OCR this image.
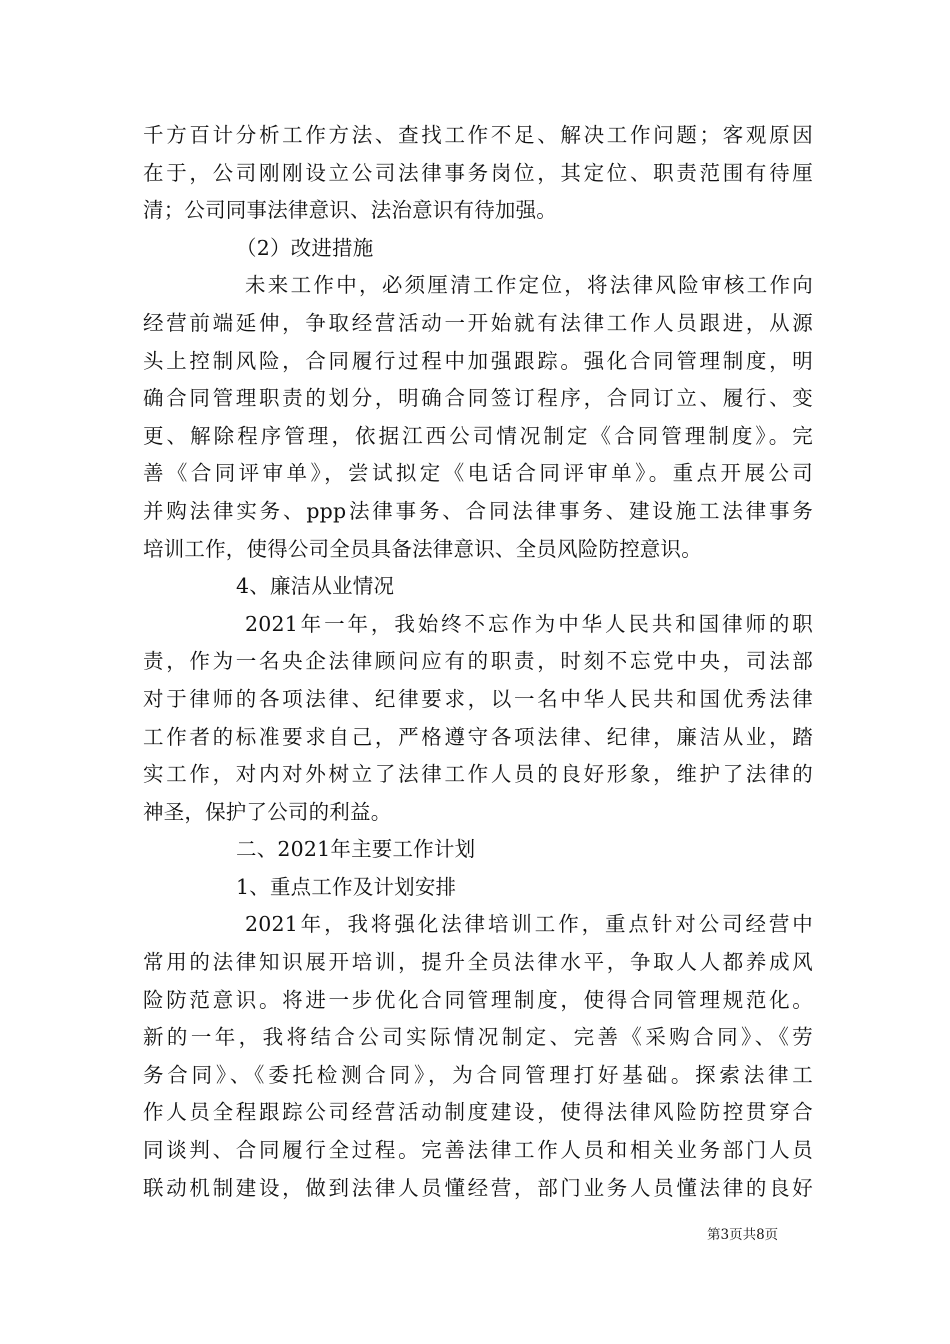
千方百计分析工作方法、查找工作不足、解决工作问题；客观原因
在于，公司刚刚设立公司法律事务岗位，其定位、职责范围有待厘
清；公司同事法律意识、法治意识有待加强。
（2）改进措施
未来工作中，必须厘清工作定位，将法律风险审核工作向
经营前端延伸，争取经营活动一开始就有法律工作人员跟进，从源
头上控制风险，合同履行过程中加强跟踪。强化合同管理制度，明
确合同管理职责的划分，明确合同签订程序，合同订立、履行、变
更、解除程序管理，依据江西公司情况制定《合同管理制度》。完
善《合同评审单》，尝试拟定《电话合同评审单》。重点开展公司
并购法律实务、ppp法律事务、合同法律事务、建设施工法律事务
培训工作，使得公司全员具备法律意识、全员风险防控意识。
4、廉洁从业情况
2021年一年，我始终不忘作为中华人民共和国律师的职
责，作为一名央企法律顾问应有的职责，时刻不忘党中央，司法部
对于律师的各项法律、纪律要求，以一名中华人民共和国优秀法律
工作者的标准要求自己，严格遵守各项法律、纪律，廉洁从业，踏
实工作，对内对外树立了法律工作人员的良好形象，维护了法律的
神圣，保护了公司的利益。
二、2021年主要工作计划
1、重点工作及计划安排
2021年，我将强化法律培训工作，重点针对公司经营中
常用的法律知识展开培训，提升全员法律水平，争取人人都养成风
险防范意识。将进一步优化合同管理制度，使得合同管理规范化。
新的一年，我将结合公司实际情况制定、完善《采购合同》、《劳
务合同》、《委托检测合同》，为合同管理打好基础。探索法律工
作人员全程跟踪公司经营活动制度建设，使得法律风险防控贯穿合
同谈判、合同履行全过程。完善法律工作人员和相关业务部门人员
联动机制建设，做到法律人员懂经营，部门业务人员懂法律的良好
第3页共8页
